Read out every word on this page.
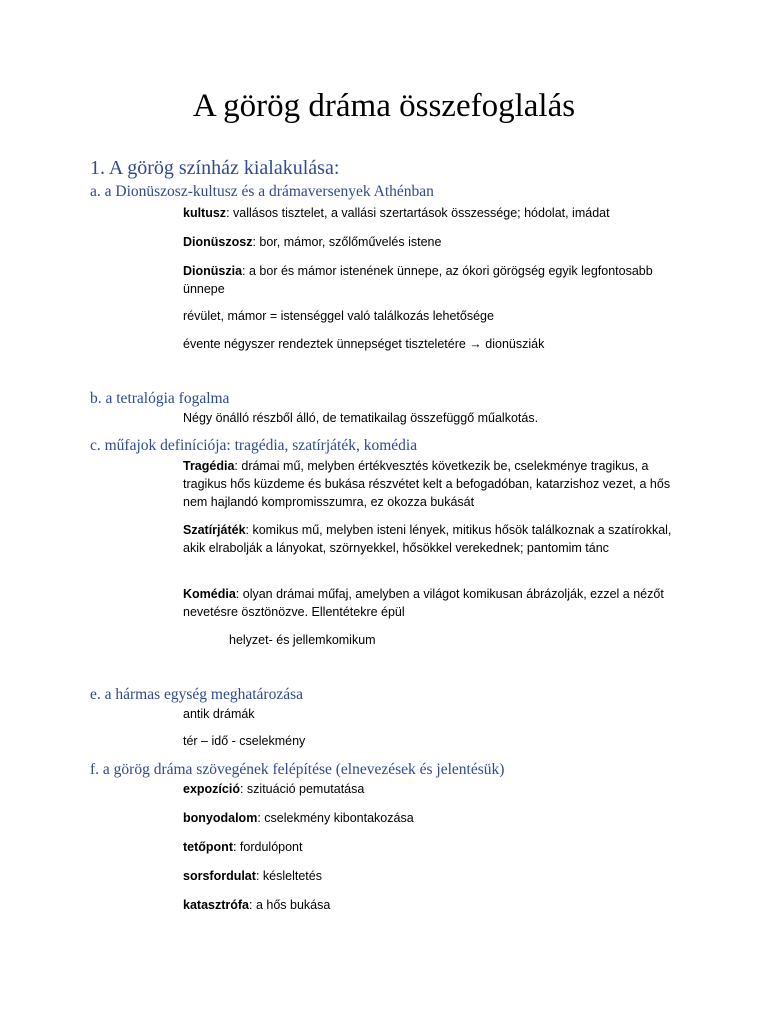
A görög dráma összefoglalás
1. A görög színház kialakulása:
a. a Dionüszosz-kultusz és a drámaversenyek Athénban
kultusz: vallásos tisztelet, a vallási szertartások összessége; hódolat, imádat
Dionüszosz: bor, mámor, szőlőművelés istene
Dionüszia: a bor és mámor istenének ünnepe, az ókori görögség egyik legfontosabb ünnepe
révület, mámor = istenséggel való találkozás lehetősége
évente négyszer rendeztek ünnepséget tiszteletére → dionüsziák
b. a tetralógia fogalma
Négy önálló részből álló, de tematikailag összefüggő műalkotás.
c. műfajok definíciója: tragédia, szatírjáték, komédia
Tragédia: drámai mű, melyben értékvesztés következik be, cselekménye tragikus, a tragikus hős küzdeme és bukása részvétet kelt a befogadóban, katarzishoz vezet, a hős nem hajlandó kompromisszumra, ez okozza bukását
Szatírjáték: komikus mű, melyben isteni lények, mitikus hősök találkoznak a szatírokkal, akik elrabolják a lányokat, szörnyekkel, hősökkel verekednek; pantomim tánc
Komédia: olyan drámai műfaj, amelyben a világot komikusan ábrázolják, ezzel a nézőt nevetésre ösztönözve. Ellentétekre épül
helyzet- és jellemkomikum
e. a hármas egység meghatározása
antik drámák
tér – idő - cselekmény
f. a görög dráma szövegének felépítése (elnevezések és jelentésük)
expozíció: szituáció pemutatása
bonyodalom: cselekmény kibontakozása
tetőpont: fordulópont
sorsfordulat: késleltetés
katasztrófa: a hős bukása
